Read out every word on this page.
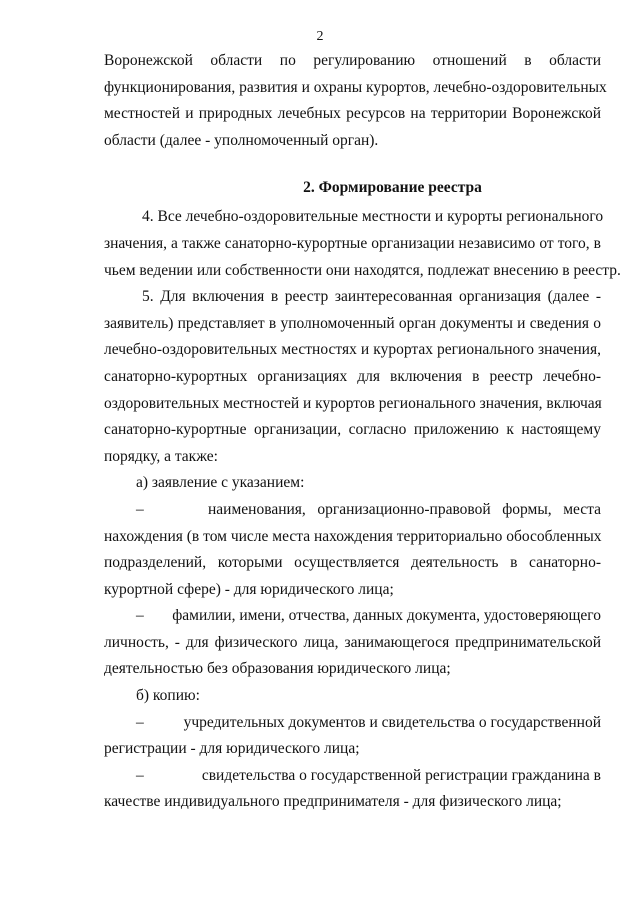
2
Воронежской области по регулированию отношений в области
функционирования, развития и охраны курортов, лечебно-оздоровительных
местностей и природных лечебных ресурсов на территории Воронежской
области (далее - уполномоченный орган).
2. Формирование реестра
4. Все лечебно-оздоровительные местности и курорты регионального
значения, а также санаторно-курортные организации независимо от того, в
чьем ведении или собственности они находятся, подлежат внесению в реестр.
5. Для включения в реестр заинтересованная организация (далее -
заявитель) представляет в уполномоченный орган документы и сведения о
лечебно-оздоровительных местностях и курортах регионального значения,
санаторно-курортных организациях для включения в реестр лечебно-
оздоровительных местностей и курортов регионального значения, включая
санаторно-курортные организации, согласно приложению к настоящему
порядку, а также:
а) заявление с указанием:
–	наименования, организационно-правовой формы, места
нахождения (в том числе места нахождения территориально обособленных
подразделений, которыми осуществляется деятельность в санаторно-
курортной сфере) - для юридического лица;
–	фамилии, имени, отчества, данных документа, удостоверяющего
личность, - для физического лица, занимающегося предпринимательской
деятельностью без образования юридического лица;
б) копию:
–	учредительных документов и свидетельства о государственной
регистрации - для юридического лица;
–	свидетельства о государственной регистрации гражданина в
качестве индивидуального предпринимателя - для физического лица;
